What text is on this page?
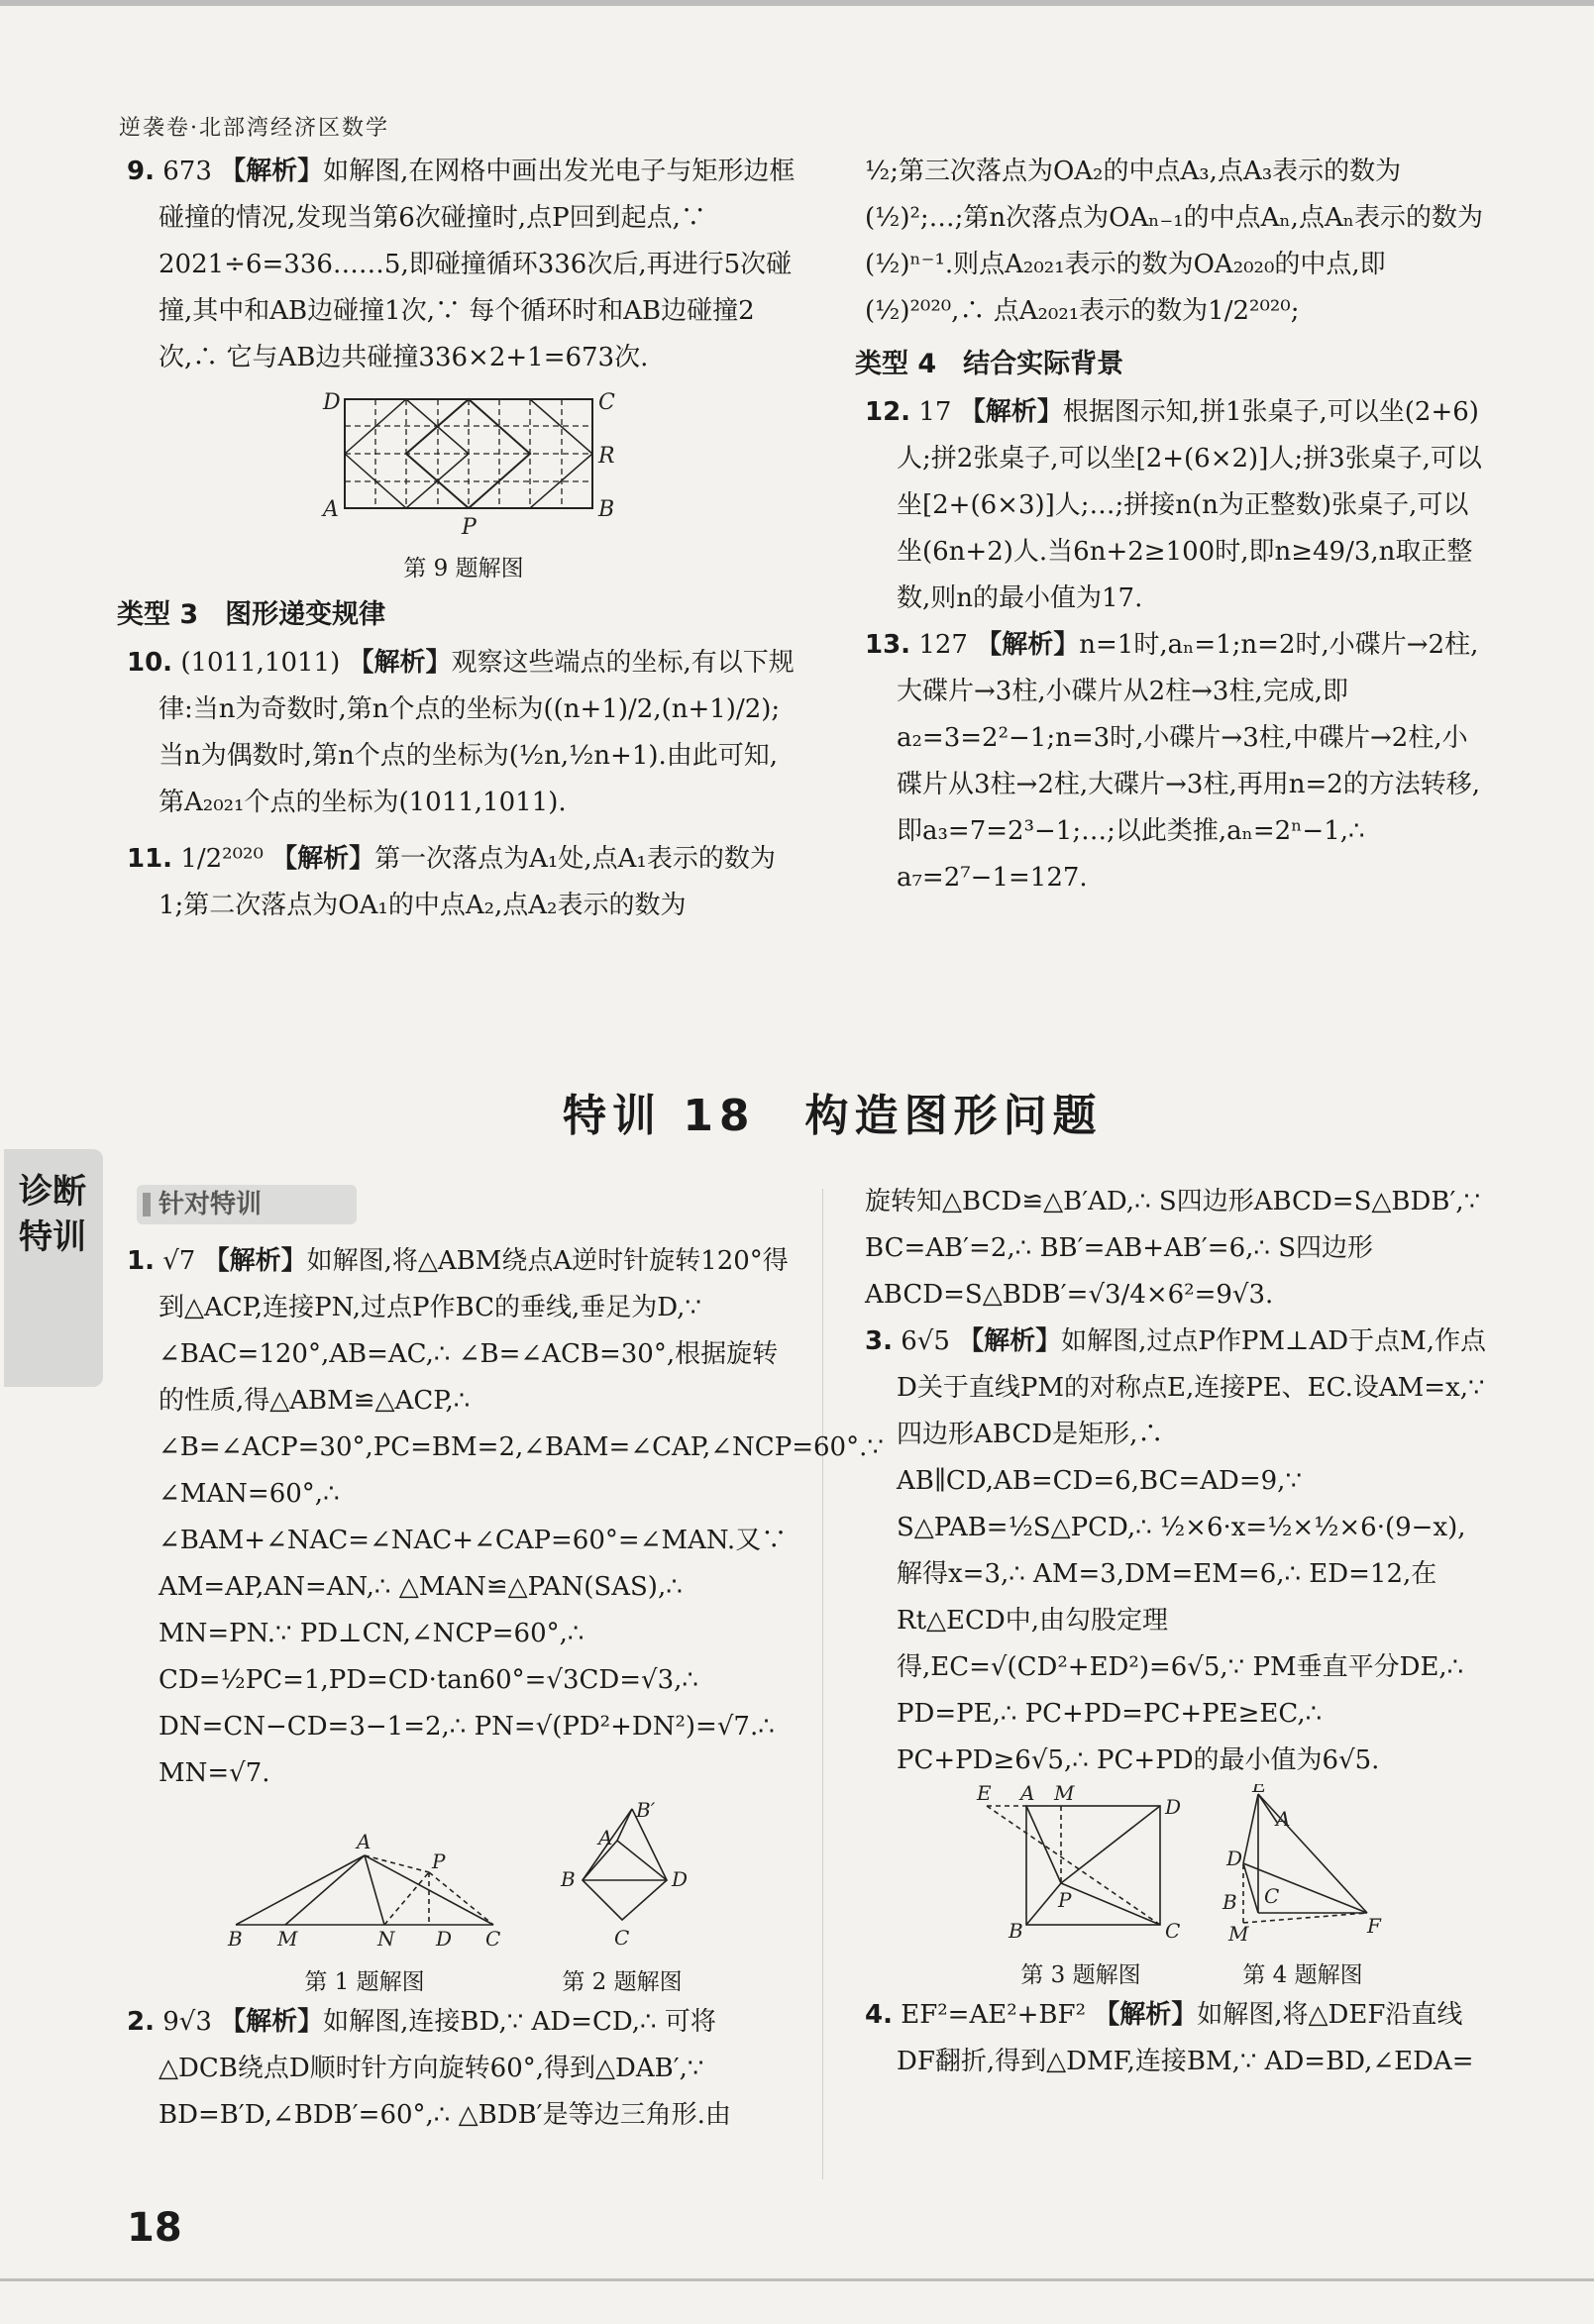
逆袭卷·北部湾经济区数学

9. 673 【解析】如解图,在网格中画出发光电子与矩形边框碰撞的情况,发现当第6次碰撞时,点P回到起点,∵ 2021÷6=336……5,即碰撞循环336次后,再进行5次碰撞,其中和AB边碰撞1次,∵ 每个循环时和AB边碰撞2次,∴ 它与AB边共碰撞336×2+1=673次.

D	C
A	B
R
P
第 9 题解图
类型 3　图形递变规律

10. (1011,1011) 【解析】观察这些端点的坐标,有以下规律:当n为奇数时,第n个点的坐标为((n+1)/2,(n+1)/2);当n为偶数时,第n个点的坐标为(½n,½n+1).由此可知,第A₂₀₂₁个点的坐标为(1011,1011).

11. 1/2²⁰²⁰ 【解析】第一次落点为A₁处,点A₁表示的数为1;第二次落点为OA₁的中点A₂,点A₂表示的数为

½;第三次落点为OA₂的中点A₃,点A₃表示的数为(½)²;…;第n次落点为OAₙ₋₁的中点Aₙ,点Aₙ表示的数为(½)ⁿ⁻¹.则点A₂₀₂₁表示的数为OA₂₀₂₀的中点,即(½)²⁰²⁰,∴ 点A₂₀₂₁表示的数为1/2²⁰²⁰;

类型 4　结合实际背景

12. 17 【解析】根据图示知,拼1张桌子,可以坐(2+6)人;拼2张桌子,可以坐[2+(6×2)]人;拼3张桌子,可以坐[2+(6×3)]人;…;拼接n(n为正整数)张桌子,可以坐(6n+2)人.当6n+2≥100时,即n≥49/3,n取正整数,则n的最小值为17.

13. 127 【解析】n=1时,aₙ=1;n=2时,小碟片→2柱,大碟片→3柱,小碟片从2柱→3柱,完成,即a₂=3=2²−1;n=3时,小碟片→3柱,中碟片→2柱,小碟片从3柱→2柱,大碟片→3柱,再用n=2的方法转移,即a₃=7=2³−1;…;以此类推,aₙ=2ⁿ−1,∴ a₇=2⁷−1=127.

特训 18　构造图形问题
诊断特训
针对特训

1. √7 【解析】如解图,将△ABM绕点A逆时针旋转120°得到△ACP,连接PN,过点P作BC的垂线,垂足为D,∵ ∠BAC=120°,AB=AC,∴ ∠B=∠ACB=30°,根据旋转的性质,得△ABM≌△ACP,∴ ∠B=∠ACP=30°,PC=BM=2,∠BAM=∠CAP,∠NCP=60°.∵ ∠MAN=60°,∴ ∠BAM+∠NAC=∠NAC+∠CAP=60°=∠MAN.又∵ AM=AP,AN=AN,∴ △MAN≌△PAN(SAS),∴ MN=PN.∵ PD⊥CN,∠NCP=60°,∴ CD=½PC=1,PD=CD·tan60°=√3CD=√3,∴ DN=CN−CD=3−1=2,∴ PN=√(PD²+DN²)=√7.∴ MN=√7.

A
P
B M	N D C
第 1 题解图
B′
A
B	D
C
第 2 题解图

2. 9√3 【解析】如解图,连接BD,∵ AD=CD,∴ 可将△DCB绕点D顺时针方向旋转60°,得到△DAB′,∵ BD=B′D,∠BDB′=60°,∴ △BDB′是等边三角形.由

旋转知△BCD≌△B′AD,∴ S四边形ABCD=S△BDB′,∵ BC=AB′=2,∴ BB′=AB+AB′=6,∴ S四边形ABCD=S△BDB′=√3/4×6²=9√3.

3. 6√5 【解析】如解图,过点P作PM⊥AD于点M,作点D关于直线PM的对称点E,连接PE、EC.设AM=x,∵ 四边形ABCD是矩形,∴ AB∥CD,AB=CD=6,BC=AD=9,∵ S△PAB=½S△PCD,∴ ½×6·x=½×½×6·(9−x),解得x=3,∴ AM=3,DM=EM=6,∴ ED=12,在Rt△ECD中,由勾股定理得,EC=√(CD²+ED²)=6√5,∵ PM垂直平分DE,∴ PD=PE,∴ PC+PD=PC+PE≥EC,∴ PC+PD≥6√5,∴ PC+PD的最小值为6√5.

E A M
D
P
B	C
第 3 题解图
E
A
D
B C
M	F
第 4 题解图

4. EF²=AE²+BF² 【解析】如解图,将△DEF沿直线DF翻折,得到△DMF,连接BM,∵ AD=BD,∠EDA=

18
